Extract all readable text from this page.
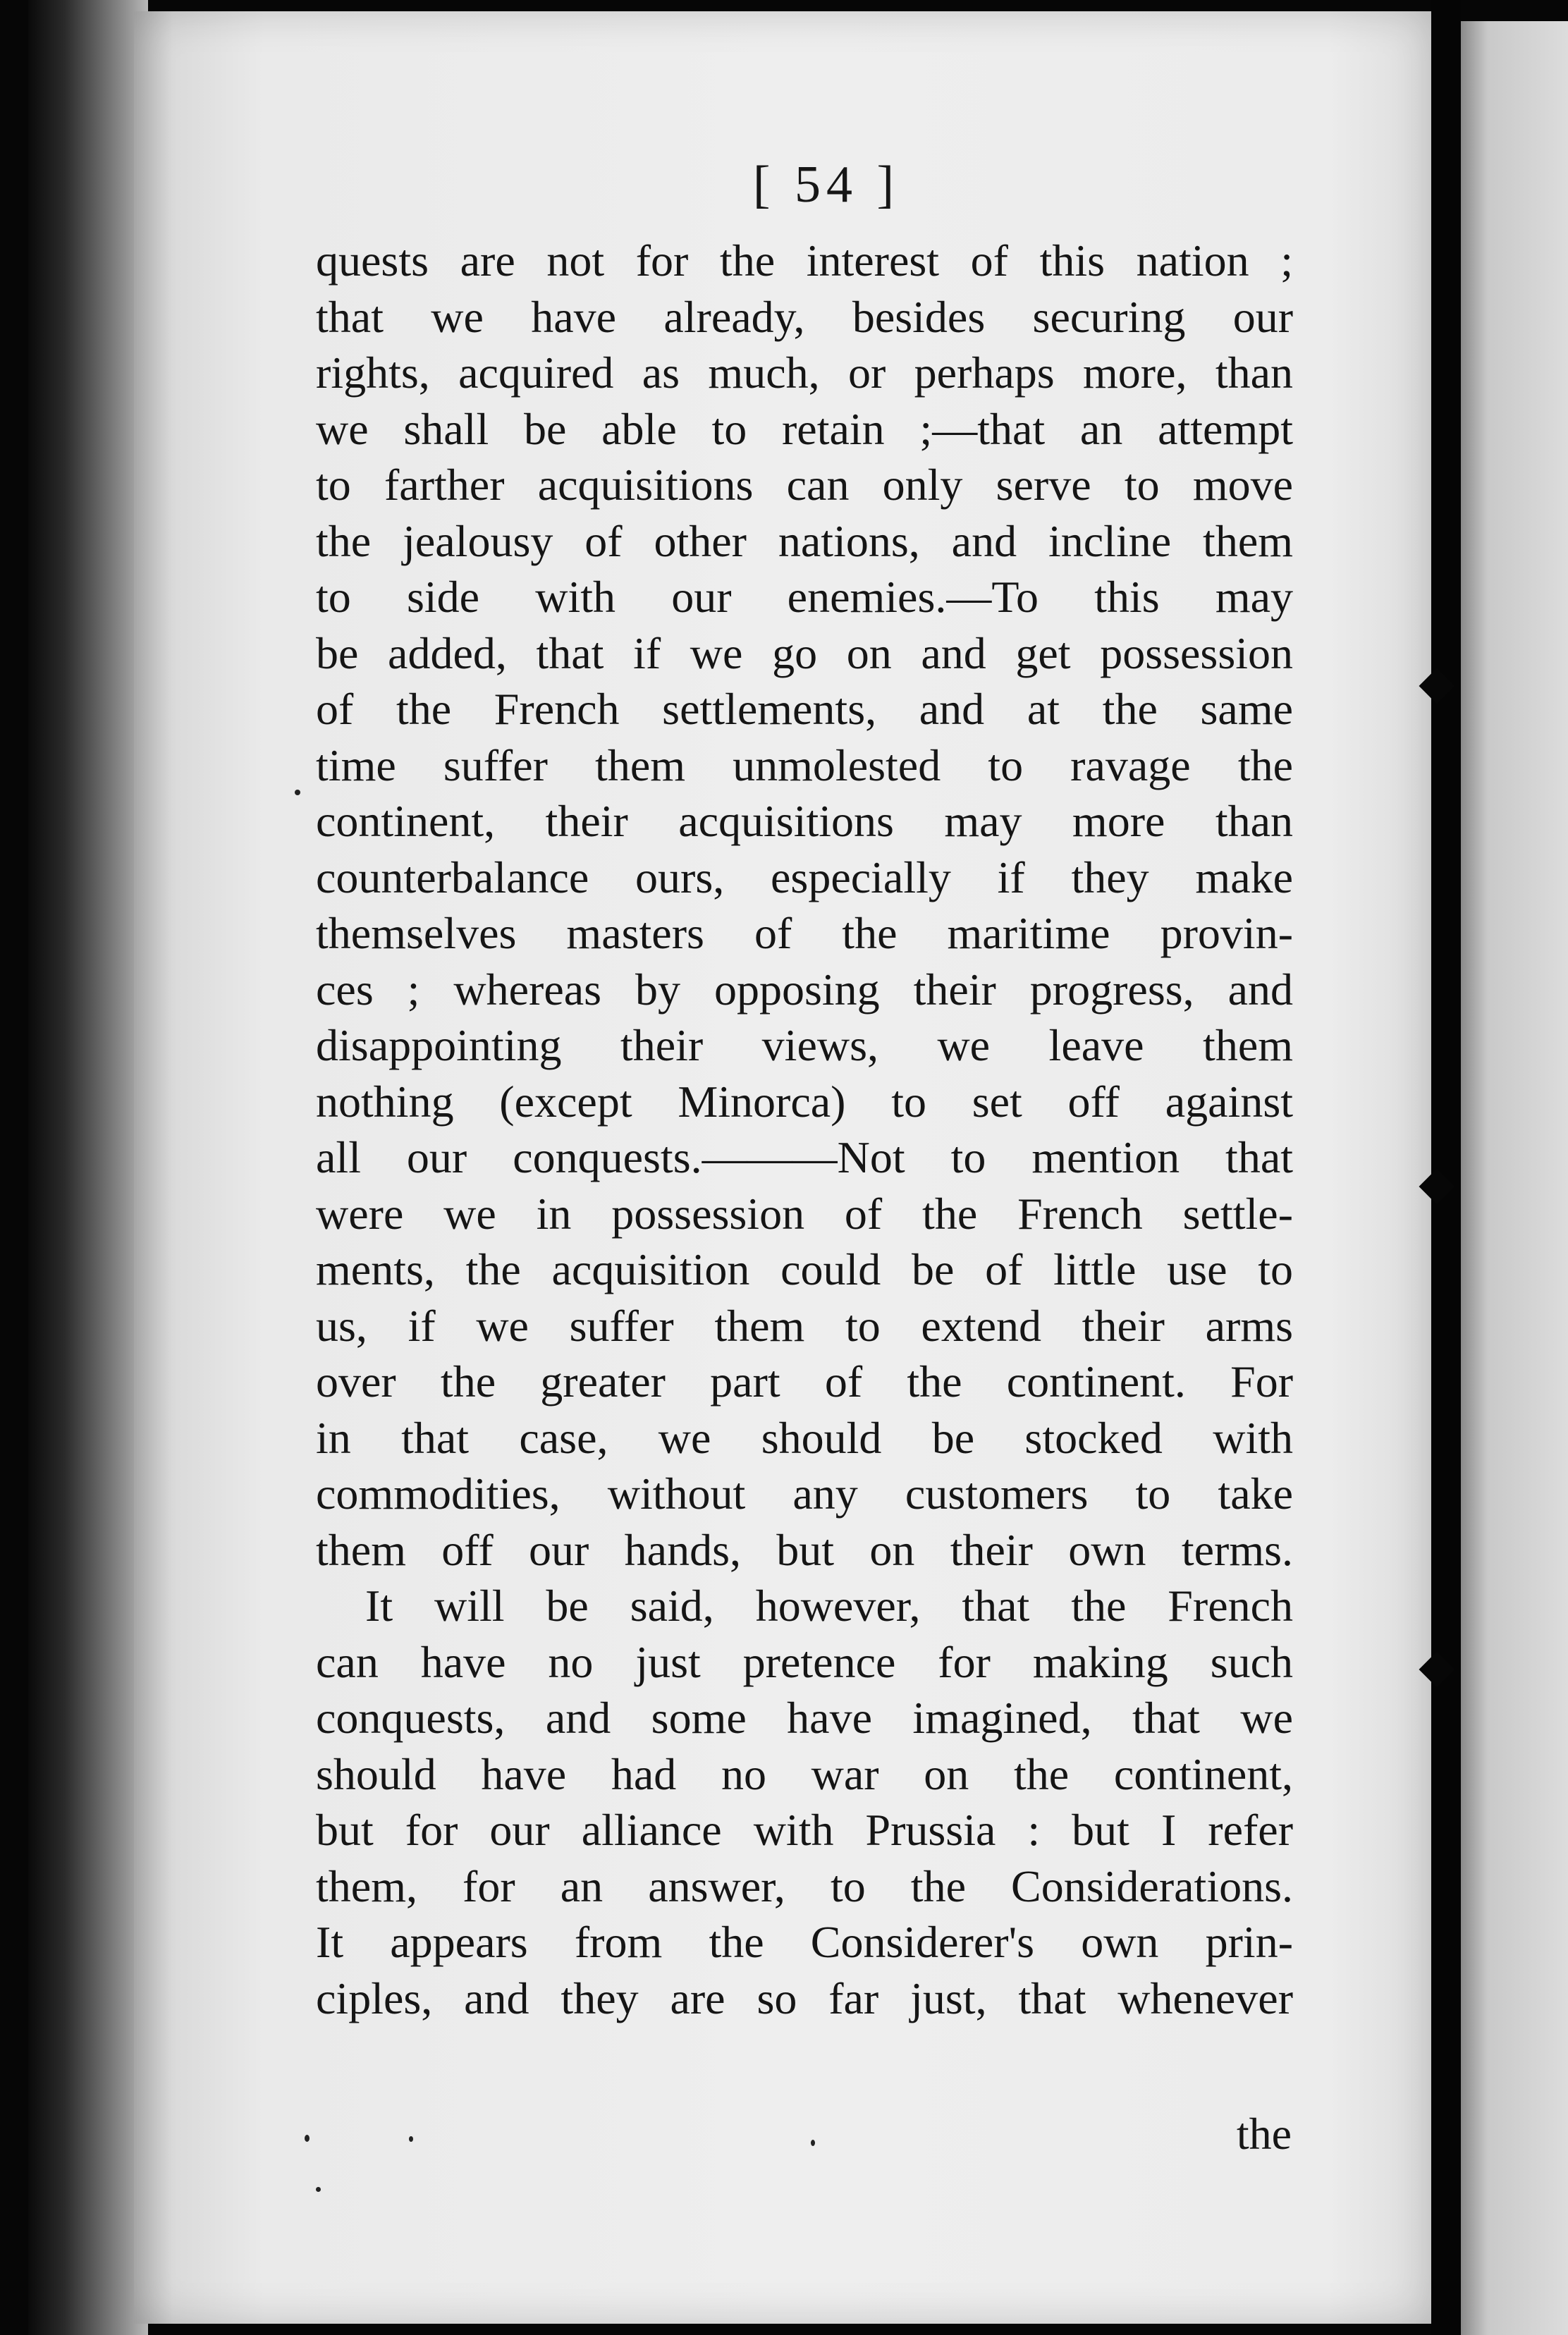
[ 54 ]
quests are not for the interest of this nation ;
that we have already, besides securing our
rights, acquired as much, or perhaps more, than
we shall be able to retain ;—that an attempt
to farther acquisitions can only serve to move
the jealousy of other nations, and incline them
to side with our enemies.—To this may
be added, that if we go on and get possession
of the French settlements, and at the same
time suffer them unmolested to ravage the
continent, their acquisitions may more than
counterbalance ours, especially if they make
themselves masters of the maritime provin-
ces ; whereas by opposing their progress, and
disappointing their views, we leave them
nothing (except Minorca) to set off against
all our conquests.———Not to mention that
were we in possession of the French settle-
ments, the acquisition could be of little use to
us, if we suffer them to extend their arms
over the greater part of the continent. For
in that case, we should be stocked with
commodities, without any customers to take
them off our hands, but on their own terms.
It will be said, however, that the French
can have no just pretence for making such
conquests, and some have imagined, that we
should have had no war on the continent,
but for our alliance with Prussia : but I refer
them, for an answer, to the Considerations.
It appears from the Considerer's own prin-
ciples, and they are so far just, that whenever
the
